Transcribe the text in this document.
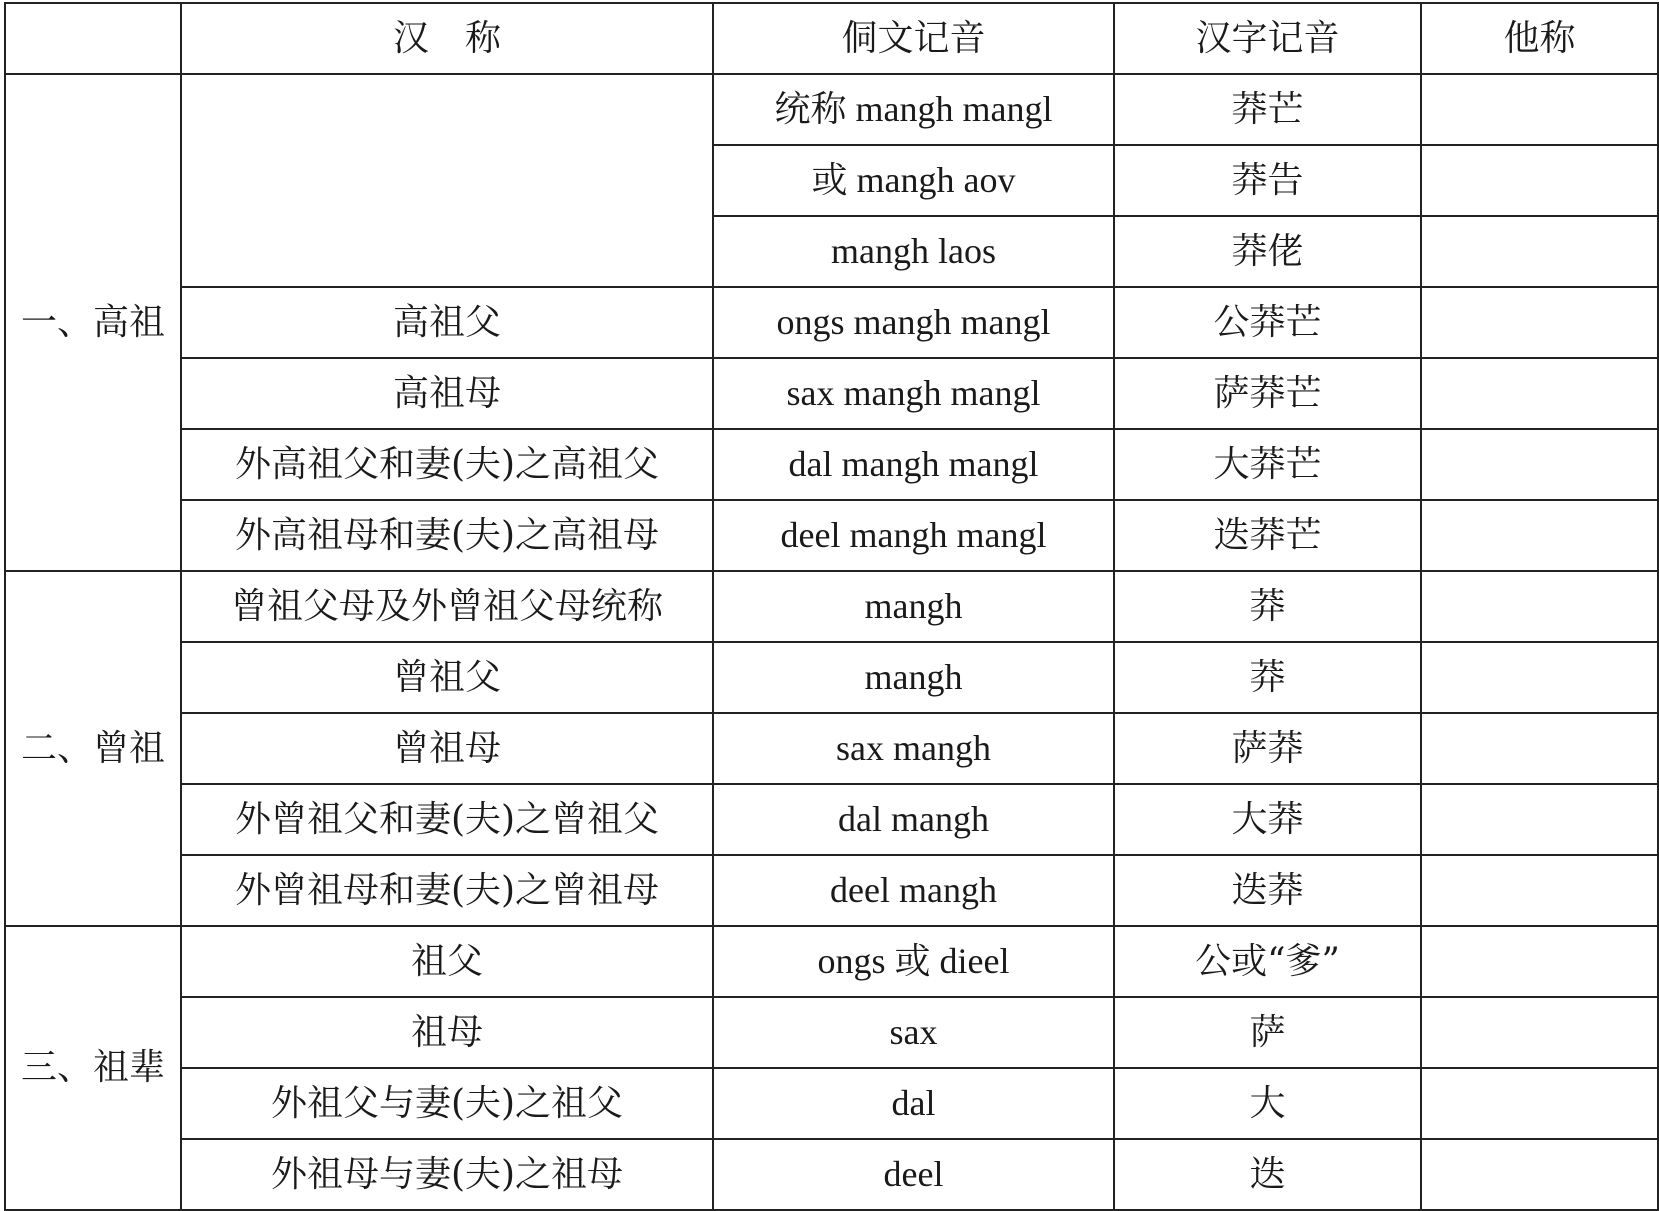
	汉　称	侗文记音	汉字记音	他称
一、高祖		统称 mangh mangl	莽芒	
		或 mangh aov	莽告	
		mangh laos	莽佬	
	高祖父	ongs mangh mangl	公莽芒	
	高祖母	sax mangh mangl	萨莽芒	
	外高祖父和妻(夫)之高祖父	dal mangh mangl	大莽芒	
	外高祖母和妻(夫)之高祖母	deel mangh mangl	迭莽芒	
二、曾祖	曾祖父母及外曾祖父母统称	mangh	莽	
	曾祖父	mangh	莽	
	曾祖母	sax mangh	萨莽	
	外曾祖父和妻(夫)之曾祖父	dal mangh	大莽	
	外曾祖母和妻(夫)之曾祖母	deel mangh	迭莽	
三、祖辈	祖父	ongs 或 dieel	公或“爹”	
	祖母	sax	萨	
	外祖父与妻(夫)之祖父	dal	大	
	外祖母与妻(夫)之祖母	deel	迭	
